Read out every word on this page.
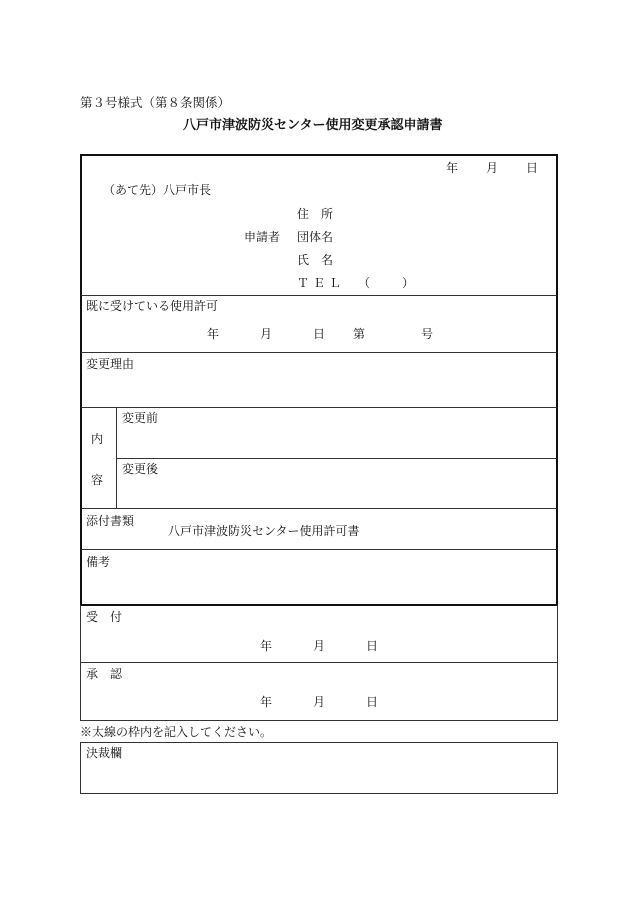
第３号様式（第８条関係）
八戸市津波防災センター使用変更承認申請書
年 月 日
（あて先）八戸市長
住　所
申請者 団体名
氏　名
ＴＥＬ （	）
既に受けている使用許可
年	月	日 第	号
変更理由
内
容
変更前
変更後
添付書類
八戸市津波防災センター使用許可書
備考
受　付
年	月	日
承　認
年	月	日
※太線の枠内を記入してください。
決裁欄
